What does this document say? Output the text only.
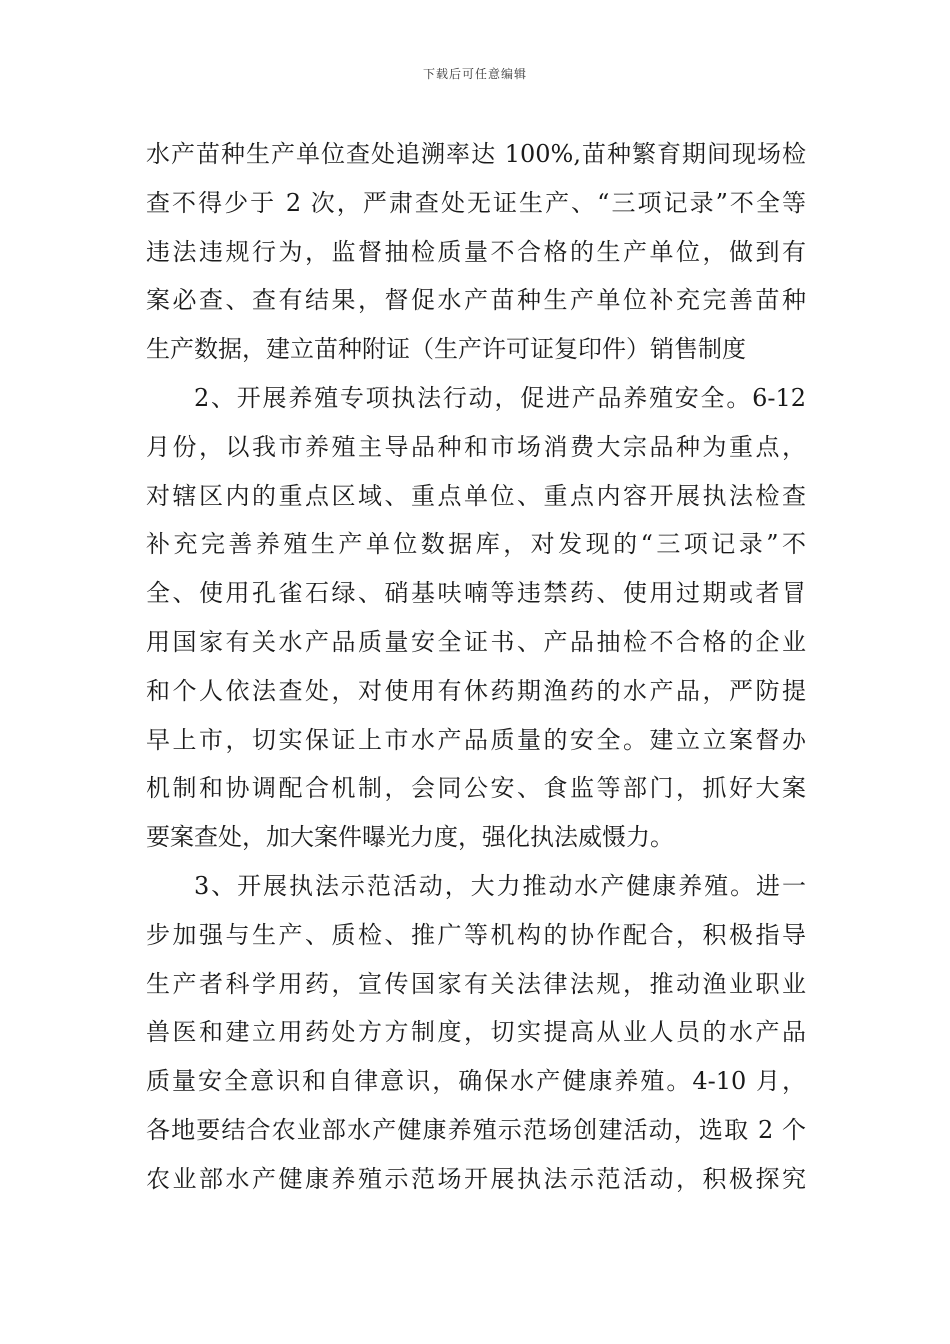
下载后可任意编辑
水产苗种生产单位查处追溯率达 100%,苗种繁育期间现场检
查不得少于 2 次，严肃查处无证生产、“三项记录”不全等
违法违规行为，监督抽检质量不合格的生产单位，做到有
案必查、查有结果，督促水产苗种生产单位补充完善苗种
生产数据，建立苗种附证（生产许可证复印件）销售制度
2、开展养殖专项执法行动，促进产品养殖安全。6-12
月份，以我市养殖主导品种和市场消费大宗品种为重点，
对辖区内的重点区域、重点单位、重点内容开展执法检查
补充完善养殖生产单位数据库，对发现的“三项记录”不
全、使用孔雀石绿、硝基呋喃等违禁药、使用过期或者冒
用国家有关水产品质量安全证书、产品抽检不合格的企业
和个人依法查处，对使用有休药期渔药的水产品，严防提
早上市，切实保证上市水产品质量的安全。建立立案督办
机制和协调配合机制，会同公安、食监等部门，抓好大案
要案查处，加大案件曝光力度，强化执法威慑力。
3、开展执法示范活动，大力推动水产健康养殖。进一
步加强与生产、质检、推广等机构的协作配合，积极指导
生产者科学用药，宣传国家有关法律法规，推动渔业职业
兽医和建立用药处方方制度，切实提高从业人员的水产品
质量安全意识和自律意识，确保水产健康养殖。4-10 月，
各地要结合农业部水产健康养殖示范场创建活动，选取 2 个
农业部水产健康养殖示范场开展执法示范活动，积极探究
